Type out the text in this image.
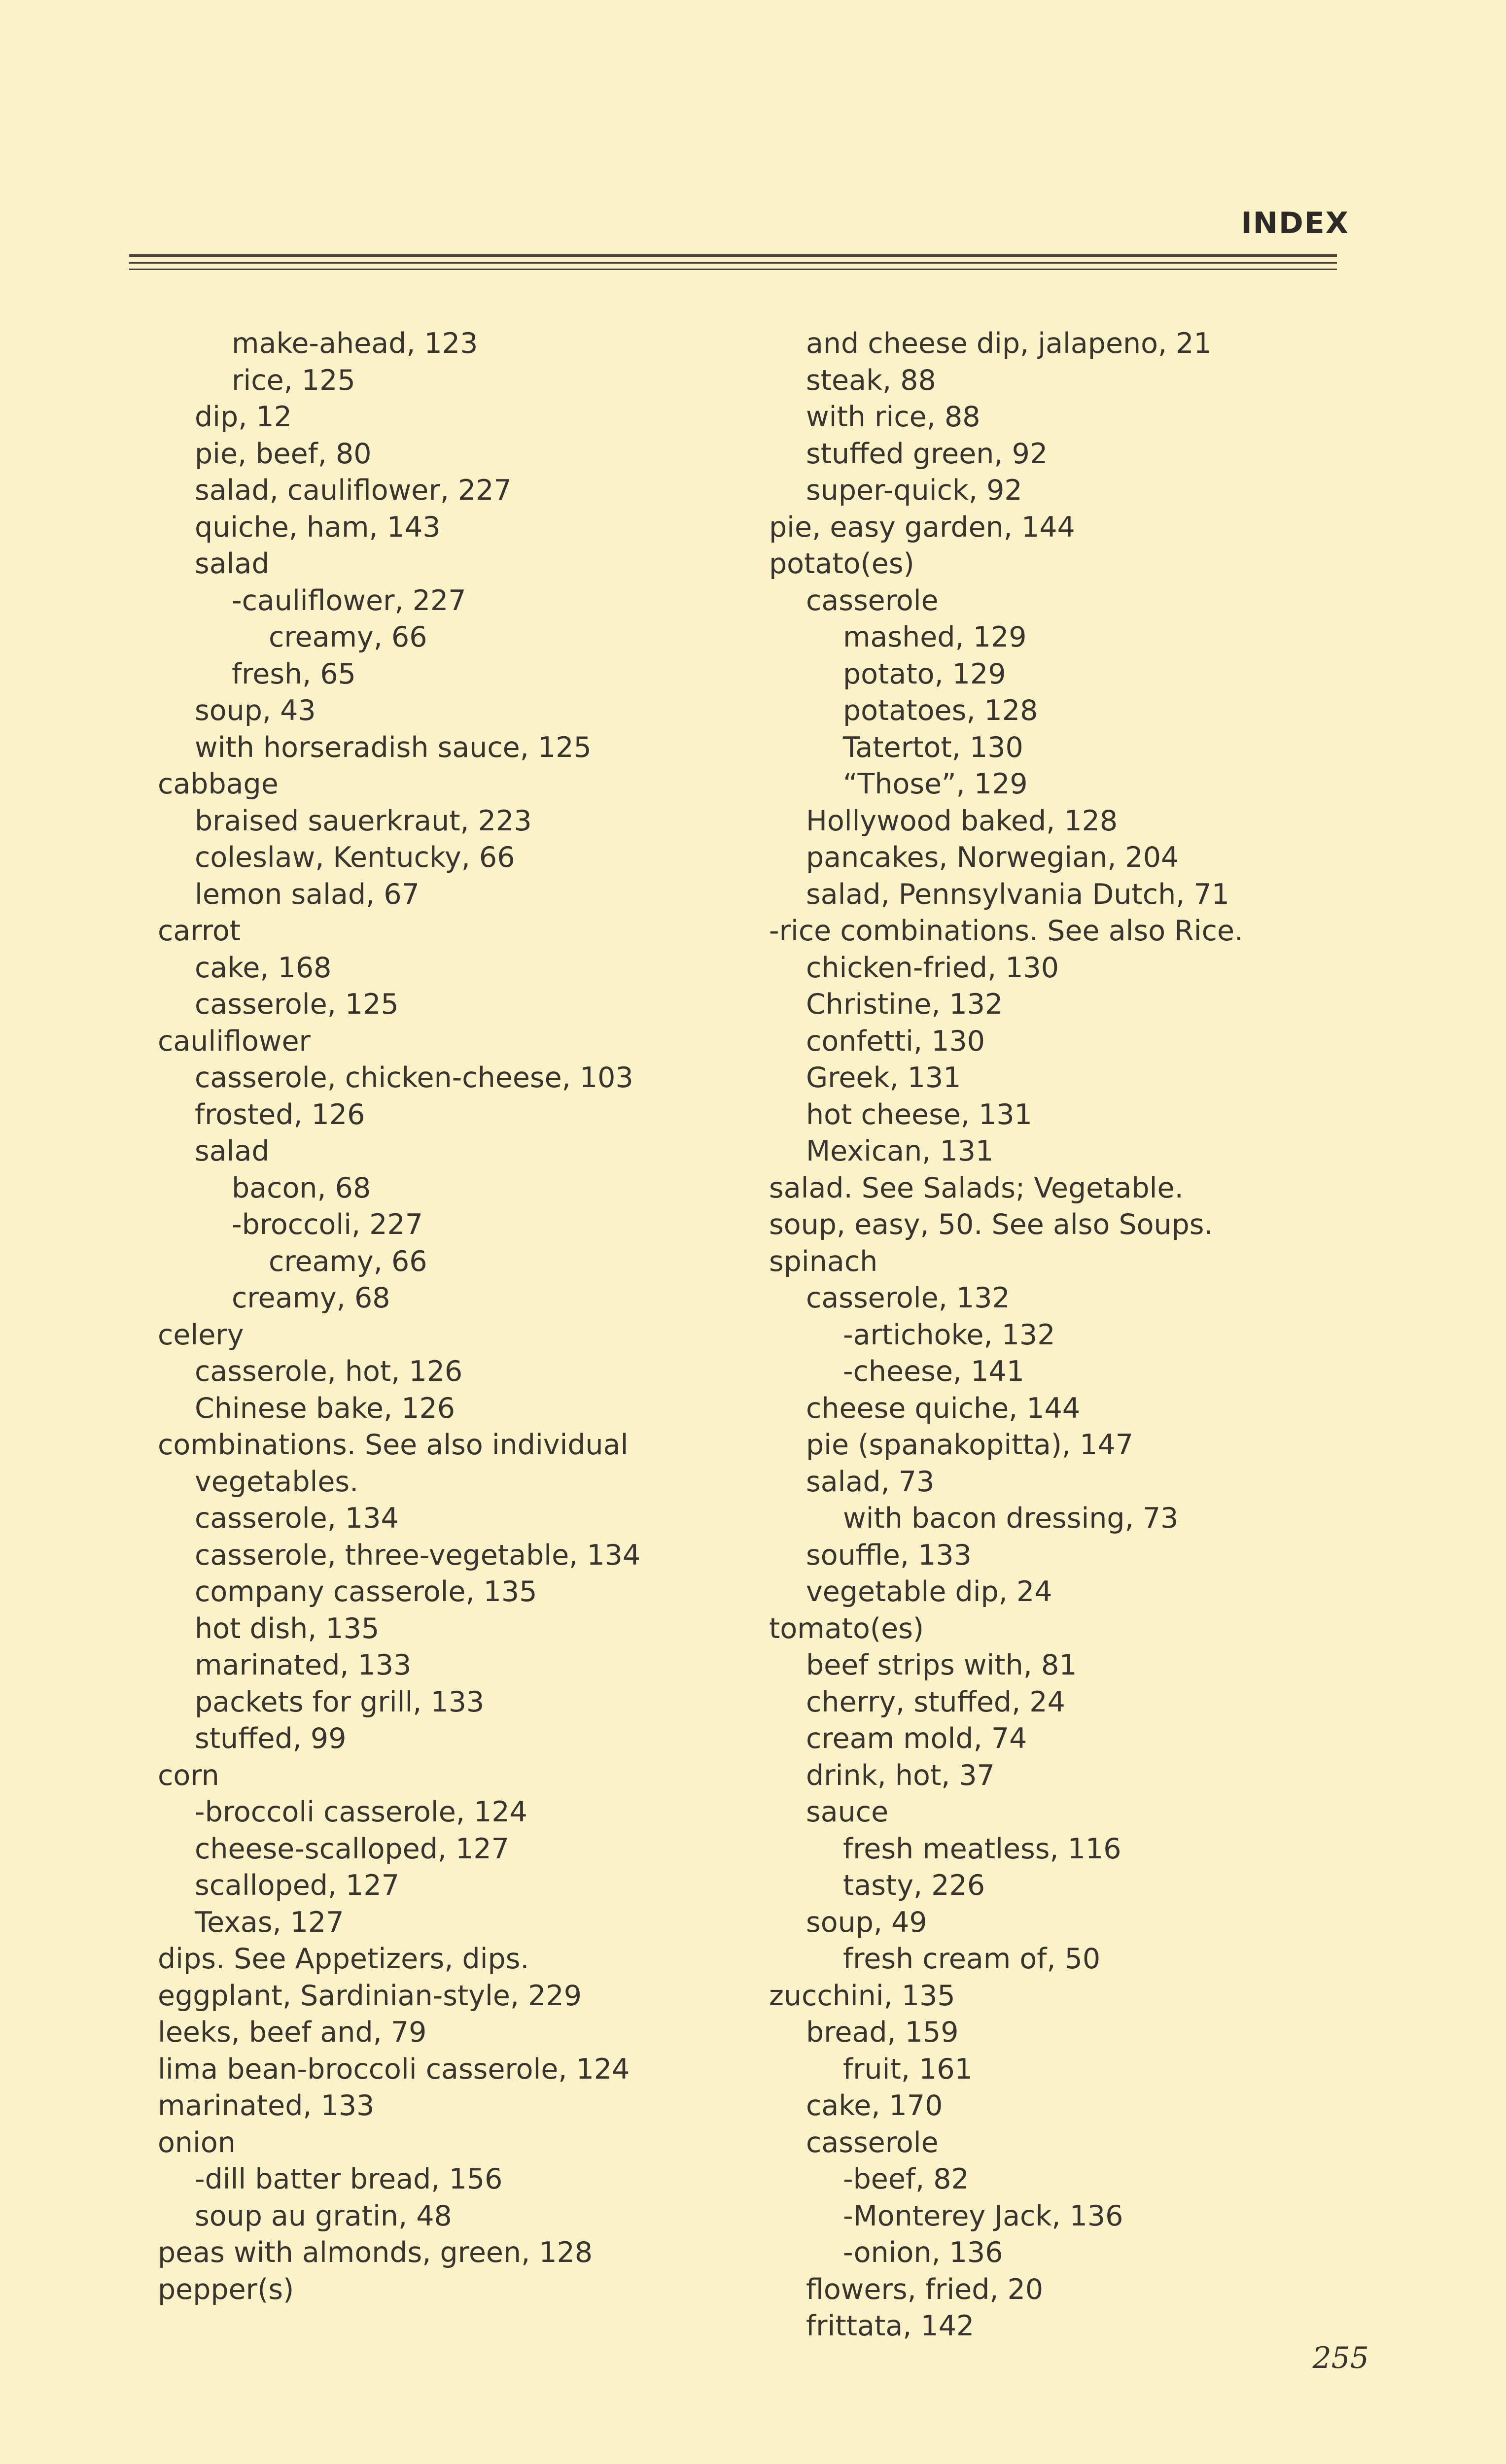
INDEX
make-ahead, 123
rice, 125
dip, 12
pie, beef, 80
salad, cauliflower, 227
quiche, ham, 143
salad
-cauliflower, 227
creamy, 66
fresh, 65
soup, 43
with horseradish sauce, 125
cabbage
braised sauerkraut, 223
coleslaw, Kentucky, 66
lemon salad, 67
carrot
cake, 168
casserole, 125
cauliflower
casserole, chicken-cheese, 103
frosted, 126
salad
bacon, 68
-broccoli, 227
creamy, 66
creamy, 68
celery
casserole, hot, 126
Chinese bake, 126
combinations. See also individual
vegetables.
casserole, 134
casserole, three-vegetable, 134
company casserole, 135
hot dish, 135
marinated, 133
packets for grill, 133
stuffed, 99
corn
-broccoli casserole, 124
cheese-scalloped, 127
scalloped, 127
Texas, 127
dips. See Appetizers, dips.
eggplant, Sardinian-style, 229
leeks, beef and, 79
lima bean-broccoli casserole, 124
marinated, 133
onion
-dill batter bread, 156
soup au gratin, 48
peas with almonds, green, 128
pepper(s)
and cheese dip, jalapeno, 21
steak, 88
with rice, 88
stuffed green, 92
super-quick, 92
pie, easy garden, 144
potato(es)
casserole
mashed, 129
potato, 129
potatoes, 128
Tatertot, 130
“Those”, 129
Hollywood baked, 128
pancakes, Norwegian, 204
salad, Pennsylvania Dutch, 71
-rice combinations. See also Rice.
chicken-fried, 130
Christine, 132
confetti, 130
Greek, 131
hot cheese, 131
Mexican, 131
salad. See Salads; Vegetable.
soup, easy, 50. See also Soups.
spinach
casserole, 132
-artichoke, 132
-cheese, 141
cheese quiche, 144
pie (spanakopitta), 147
salad, 73
with bacon dressing, 73
souffle, 133
vegetable dip, 24
tomato(es)
beef strips with, 81
cherry, stuffed, 24
cream mold, 74
drink, hot, 37
sauce
fresh meatless, 116
tasty, 226
soup, 49
fresh cream of, 50
zucchini, 135
bread, 159
fruit, 161
cake, 170
casserole
-beef, 82
-Monterey Jack, 136
-onion, 136
flowers, fried, 20
frittata, 142
255
